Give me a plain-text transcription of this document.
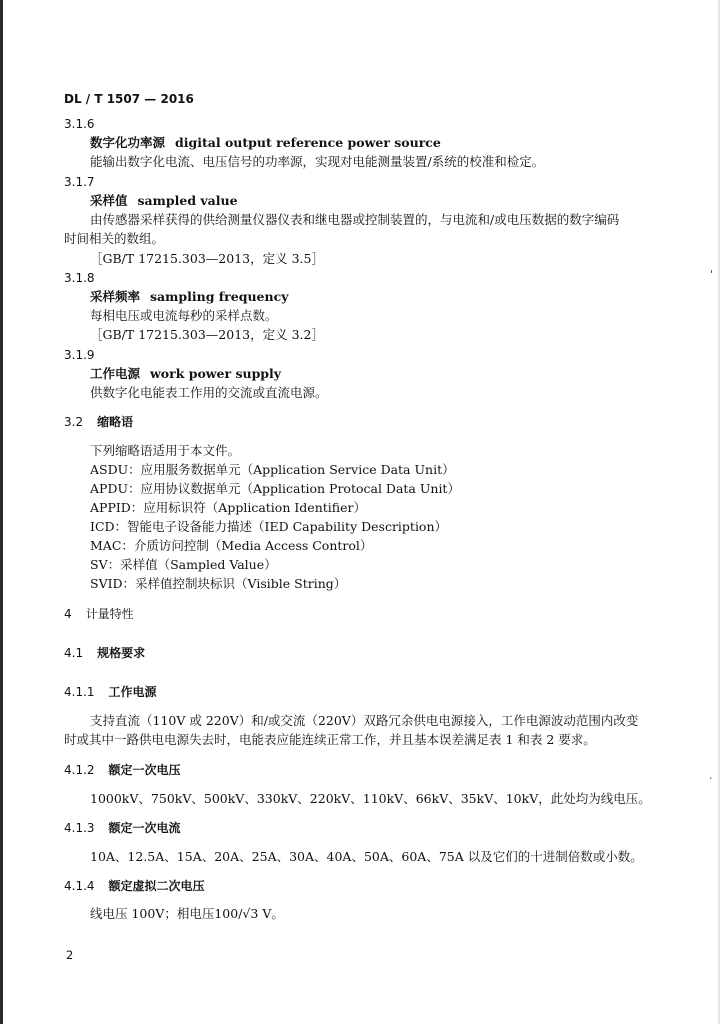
DL / T 1507 — 2016
3.1.6
数字化功率源 digital output reference power source
能输出数字化电流、电压信号的功率源，实现对电能测量装置/系统的校准和检定。
3.1.7
采样值 sampled value
由传感器采样获得的供给测量仪器仪表和继电器或控制装置的，与电流和/或电压数据的数字编码
时间相关的数组。
［GB/T 17215.303—2013，定义 3.5］
3.1.8
采样频率 sampling frequency
每相电压或电流每秒的采样点数。
［GB/T 17215.303—2013，定义 3.2］
3.1.9
工作电源 work power supply
供数字化电能表工作用的交流或直流电源。
3.2 缩略语
下列缩略语适用于本文件。
ASDU：应用服务数据单元（Application Service Data Unit）
APDU：应用协议数据单元（Application Protocal Data Unit）
APPID：应用标识符（Application Identifier）
ICD：智能电子设备能力描述（IED Capability Description）
MAC：介质访问控制（Media Access Control）
SV：采样值（Sampled Value）
SVID：采样值控制块标识（Visible String）
4 计量特性
4.1 规格要求
4.1.1 工作电源
支持直流（110V 或 220V）和/或交流（220V）双路冗余供电电源接入，工作电源波动范围内改变
时或其中一路供电电源失去时，电能表应能连续正常工作，并且基本误差满足表 1 和表 2 要求。
4.1.2 额定一次电压
1000kV、750kV、500kV、330kV、220kV、110kV、66kV、35kV、10kV，此处均为线电压。
4.1.3 额定一次电流
10A、12.5A、15A、20A、25A、30A、40A、50A、60A、75A 以及它们的十进制倍数或小数。
4.1.4 额定虚拟二次电压
线电压 100V；相电压100/√3 V。
2
'
·
